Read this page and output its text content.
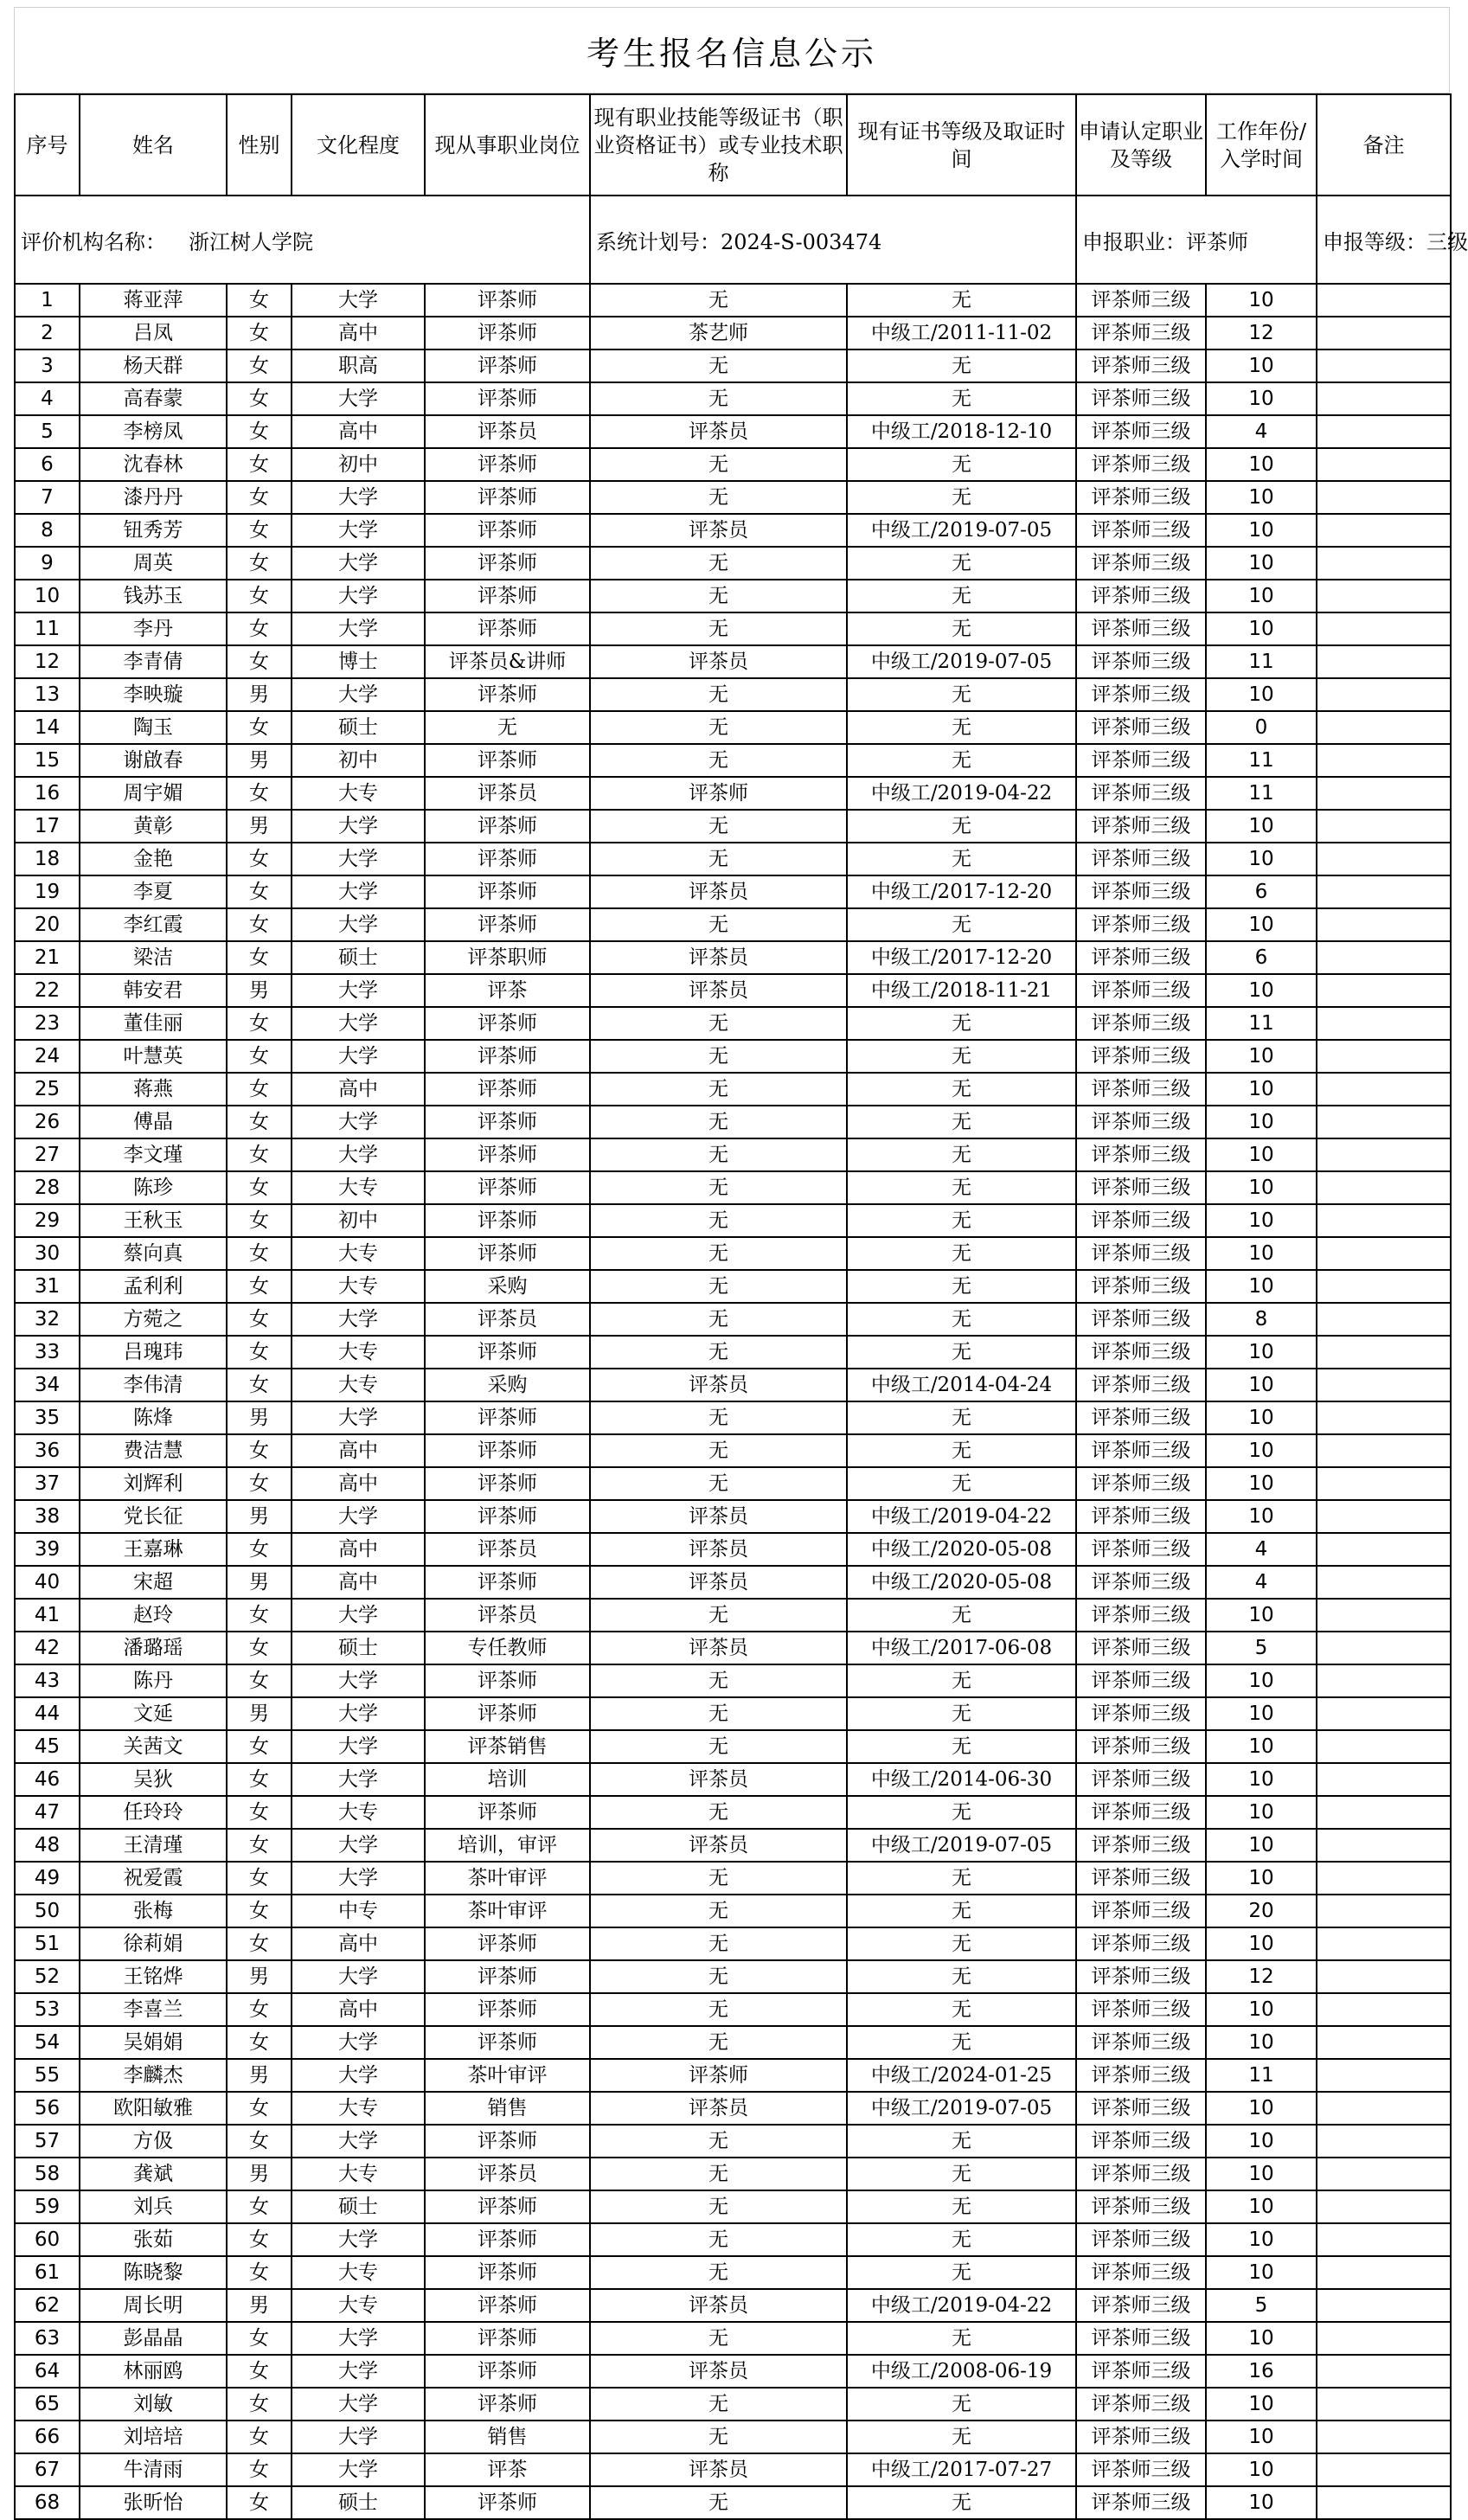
考生报名信息公示
评价机构名称： 浙江树人学院					系统计划号：2024-S-003474		申报职业：评茶师		申报等级：三级
序号	姓名	性别	文化程度	现从事职业岗位	现有职业技能等级证书（职业资格证书）或专业技术职称	现有证书等级及取证时间	申请认定职业及等级	工作年份/入学时间	备注
1	蒋亚萍	女	大学	评茶师	无	无	评茶师三级	10	
2	吕凤	女	高中	评茶师	茶艺师	中级工/2011-11-02	评茶师三级	12	
3	杨天群	女	职高	评茶师	无	无	评茶师三级	10	
4	高春蒙	女	大学	评茶师	无	无	评茶师三级	10	
5	李榜凤	女	高中	评茶员	评茶员	中级工/2018-12-10	评茶师三级	4	
6	沈春林	女	初中	评茶师	无	无	评茶师三级	10	
7	漆丹丹	女	大学	评茶师	无	无	评茶师三级	10	
8	钮秀芳	女	大学	评茶师	评茶员	中级工/2019-07-05	评茶师三级	10	
9	周英	女	大学	评茶师	无	无	评茶师三级	10	
10	钱苏玉	女	大学	评茶师	无	无	评茶师三级	10	
11	李丹	女	大学	评茶师	无	无	评茶师三级	10	
12	李青倩	女	博士	评茶员&讲师	评茶员	中级工/2019-07-05	评茶师三级	11	
13	李映璇	男	大学	评茶师	无	无	评茶师三级	10	
14	陶玉	女	硕士	无	无	无	评茶师三级	0	
15	谢啟春	男	初中	评茶师	无	无	评茶师三级	11	
16	周宇媚	女	大专	评茶员	评茶师	中级工/2019-04-22	评茶师三级	11	
17	黄彰	男	大学	评茶师	无	无	评茶师三级	10	
18	金艳	女	大学	评茶师	无	无	评茶师三级	10	
19	李夏	女	大学	评茶师	评茶员	中级工/2017-12-20	评茶师三级	6	
20	李红霞	女	大学	评茶师	无	无	评茶师三级	10	
21	梁洁	女	硕士	评茶职师	评茶员	中级工/2017-12-20	评茶师三级	6	
22	韩安君	男	大学	评茶	评茶员	中级工/2018-11-21	评茶师三级	10	
23	董佳丽	女	大学	评茶师	无	无	评茶师三级	11	
24	叶慧英	女	大学	评茶师	无	无	评茶师三级	10	
25	蒋燕	女	高中	评茶师	无	无	评茶师三级	10	
26	傅晶	女	大学	评茶师	无	无	评茶师三级	10	
27	李文瑾	女	大学	评茶师	无	无	评茶师三级	10	
28	陈珍	女	大专	评茶师	无	无	评茶师三级	10	
29	王秋玉	女	初中	评茶师	无	无	评茶师三级	10	
30	蔡向真	女	大专	评茶师	无	无	评茶师三级	10	
31	孟利利	女	大专	采购	无	无	评茶师三级	10	
32	方菀之	女	大学	评茶员	无	无	评茶师三级	8	
33	吕瑰玮	女	大专	评茶师	无	无	评茶师三级	10	
34	李伟清	女	大专	采购	评茶员	中级工/2014-04-24	评茶师三级	10	
35	陈烽	男	大学	评茶师	无	无	评茶师三级	10	
36	费洁慧	女	高中	评茶师	无	无	评茶师三级	10	
37	刘辉利	女	高中	评茶师	无	无	评茶师三级	10	
38	党长征	男	大学	评茶师	评茶员	中级工/2019-04-22	评茶师三级	10	
39	王嘉琳	女	高中	评茶员	评茶员	中级工/2020-05-08	评茶师三级	4	
40	宋超	男	高中	评茶师	评茶员	中级工/2020-05-08	评茶师三级	4	
41	赵玲	女	大学	评茶员	无	无	评茶师三级	10	
42	潘璐瑶	女	硕士	专任教师	评茶员	中级工/2017-06-08	评茶师三级	5	
43	陈丹	女	大学	评茶师	无	无	评茶师三级	10	
44	文延	男	大学	评茶师	无	无	评茶师三级	10	
45	关茜文	女	大学	评茶销售	无	无	评茶师三级	10	
46	吴狄	女	大学	培训	评茶员	中级工/2014-06-30	评茶师三级	10	
47	任玲玲	女	大专	评茶师	无	无	评茶师三级	10	
48	王清瑾	女	大学	培训，审评	评茶员	中级工/2019-07-05	评茶师三级	10	
49	祝爱霞	女	大学	茶叶审评	无	无	评茶师三级	10	
50	张梅	女	中专	茶叶审评	无	无	评茶师三级	20	
51	徐莉娟	女	高中	评茶师	无	无	评茶师三级	10	
52	王铭烨	男	大学	评茶师	无	无	评茶师三级	12	
53	李喜兰	女	高中	评茶师	无	无	评茶师三级	10	
54	吴娟娟	女	大学	评茶师	无	无	评茶师三级	10	
55	李麟杰	男	大学	茶叶审评	评茶师	中级工/2024-01-25	评茶师三级	11	
56	欧阳敏雅	女	大专	销售	评茶员	中级工/2019-07-05	评茶师三级	10	
57	方伋	女	大学	评茶师	无	无	评茶师三级	10	
58	龚斌	男	大专	评茶员	无	无	评茶师三级	10	
59	刘兵	女	硕士	评茶师	无	无	评茶师三级	10	
60	张茹	女	大学	评茶师	无	无	评茶师三级	10	
61	陈晓黎	女	大专	评茶师	无	无	评茶师三级	10	
62	周长明	男	大专	评茶师	评茶员	中级工/2019-04-22	评茶师三级	5	
63	彭晶晶	女	大学	评茶师	无	无	评茶师三级	10	
64	林丽鸥	女	大学	评茶师	评茶员	中级工/2008-06-19	评茶师三级	16	
65	刘敏	女	大学	评茶师	无	无	评茶师三级	10	
66	刘培培	女	大学	销售	无	无	评茶师三级	10	
67	牛清雨	女	大学	评茶	评茶员	中级工/2017-07-27	评茶师三级	10	
68	张昕怡	女	硕士	评茶师	无	无	评茶师三级	10	
